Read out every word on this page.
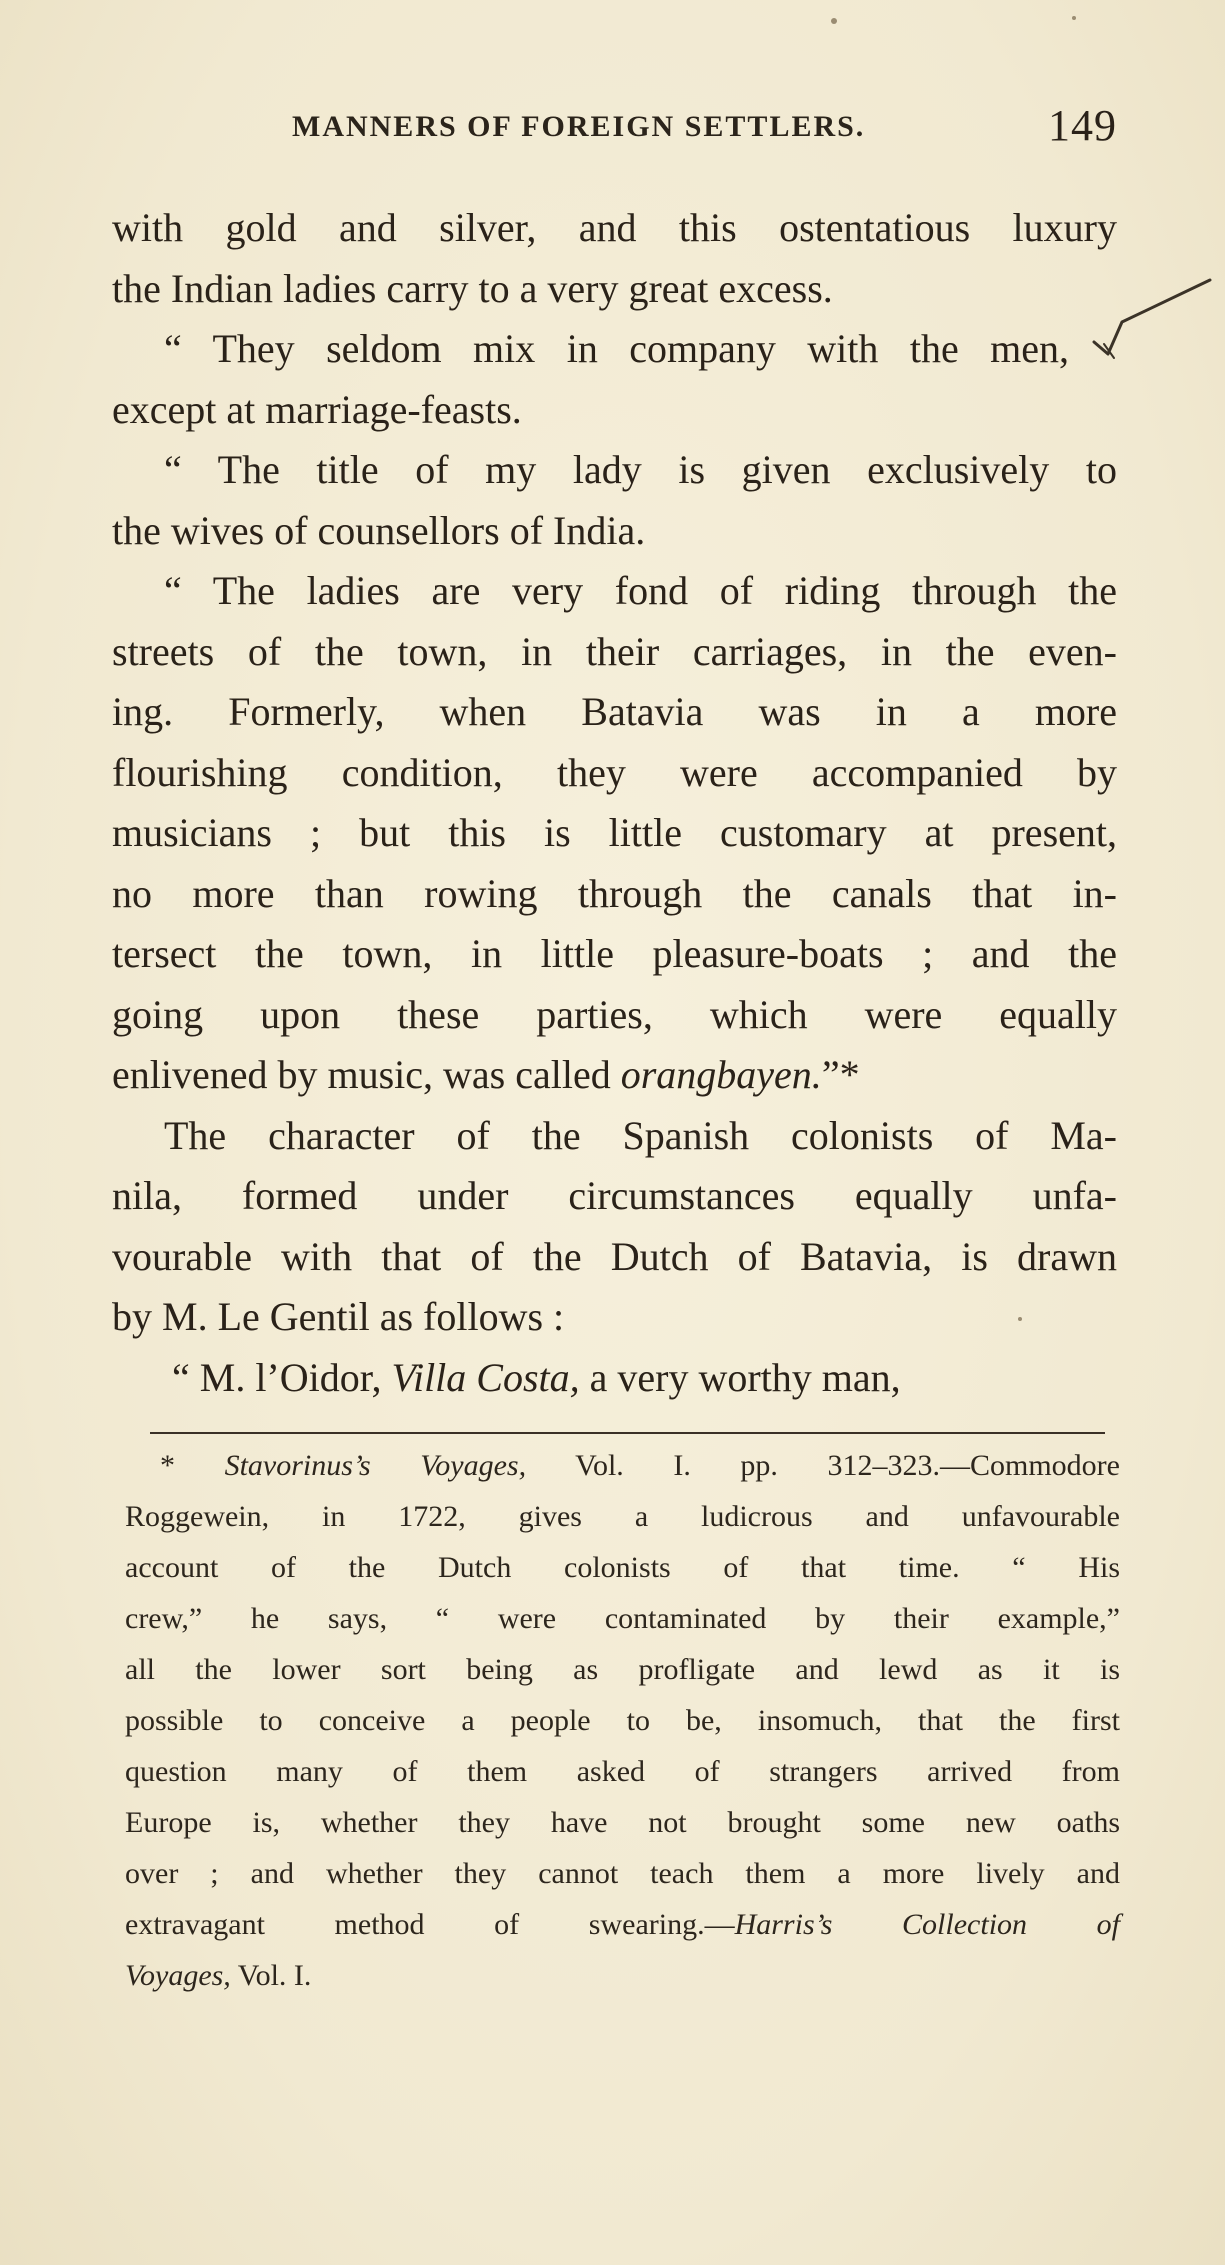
MANNERS OF FOREIGN SETTLERS.	149
with gold and silver, and this ostentatious luxury
the Indian ladies carry to a very great excess.
“ They seldom mix in company with the men,
except at marriage-feasts.
“ The title of my lady is given exclusively to
the wives of counsellors of India.
“ The ladies are very fond of riding through the
streets of the town, in their carriages, in the even-
ing. Formerly, when Batavia was in a more
flourishing condition, they were accompanied by
musicians ; but this is little customary at present,
no more than rowing through the canals that in-
tersect the town, in little pleasure-boats ; and the
going upon these parties, which were equally
enlivened by music, was called orangbayen.”*
The character of the Spanish colonists of Ma-
nila, formed under circumstances equally unfa-
vourable with that of the Dutch of Batavia, is drawn
by M. Le Gentil as follows :
“ M. l’Oidor, Villa Costa, a very worthy man,
* Stavorinus’s Voyages, Vol. I. pp. 312–323.—Commodore
Roggewein, in 1722, gives a ludicrous and unfavourable
account of the Dutch colonists of that time. “ His
crew,” he says, “ were contaminated by their example,”
all the lower sort being as profligate and lewd as it is
possible to conceive a people to be, insomuch, that the first
question many of them asked of strangers arrived from
Europe is, whether they have not brought some new oaths
over ; and whether they cannot teach them a more lively and
extravagant method of swearing.—Harris’s Collection of
Voyages, Vol. I.
